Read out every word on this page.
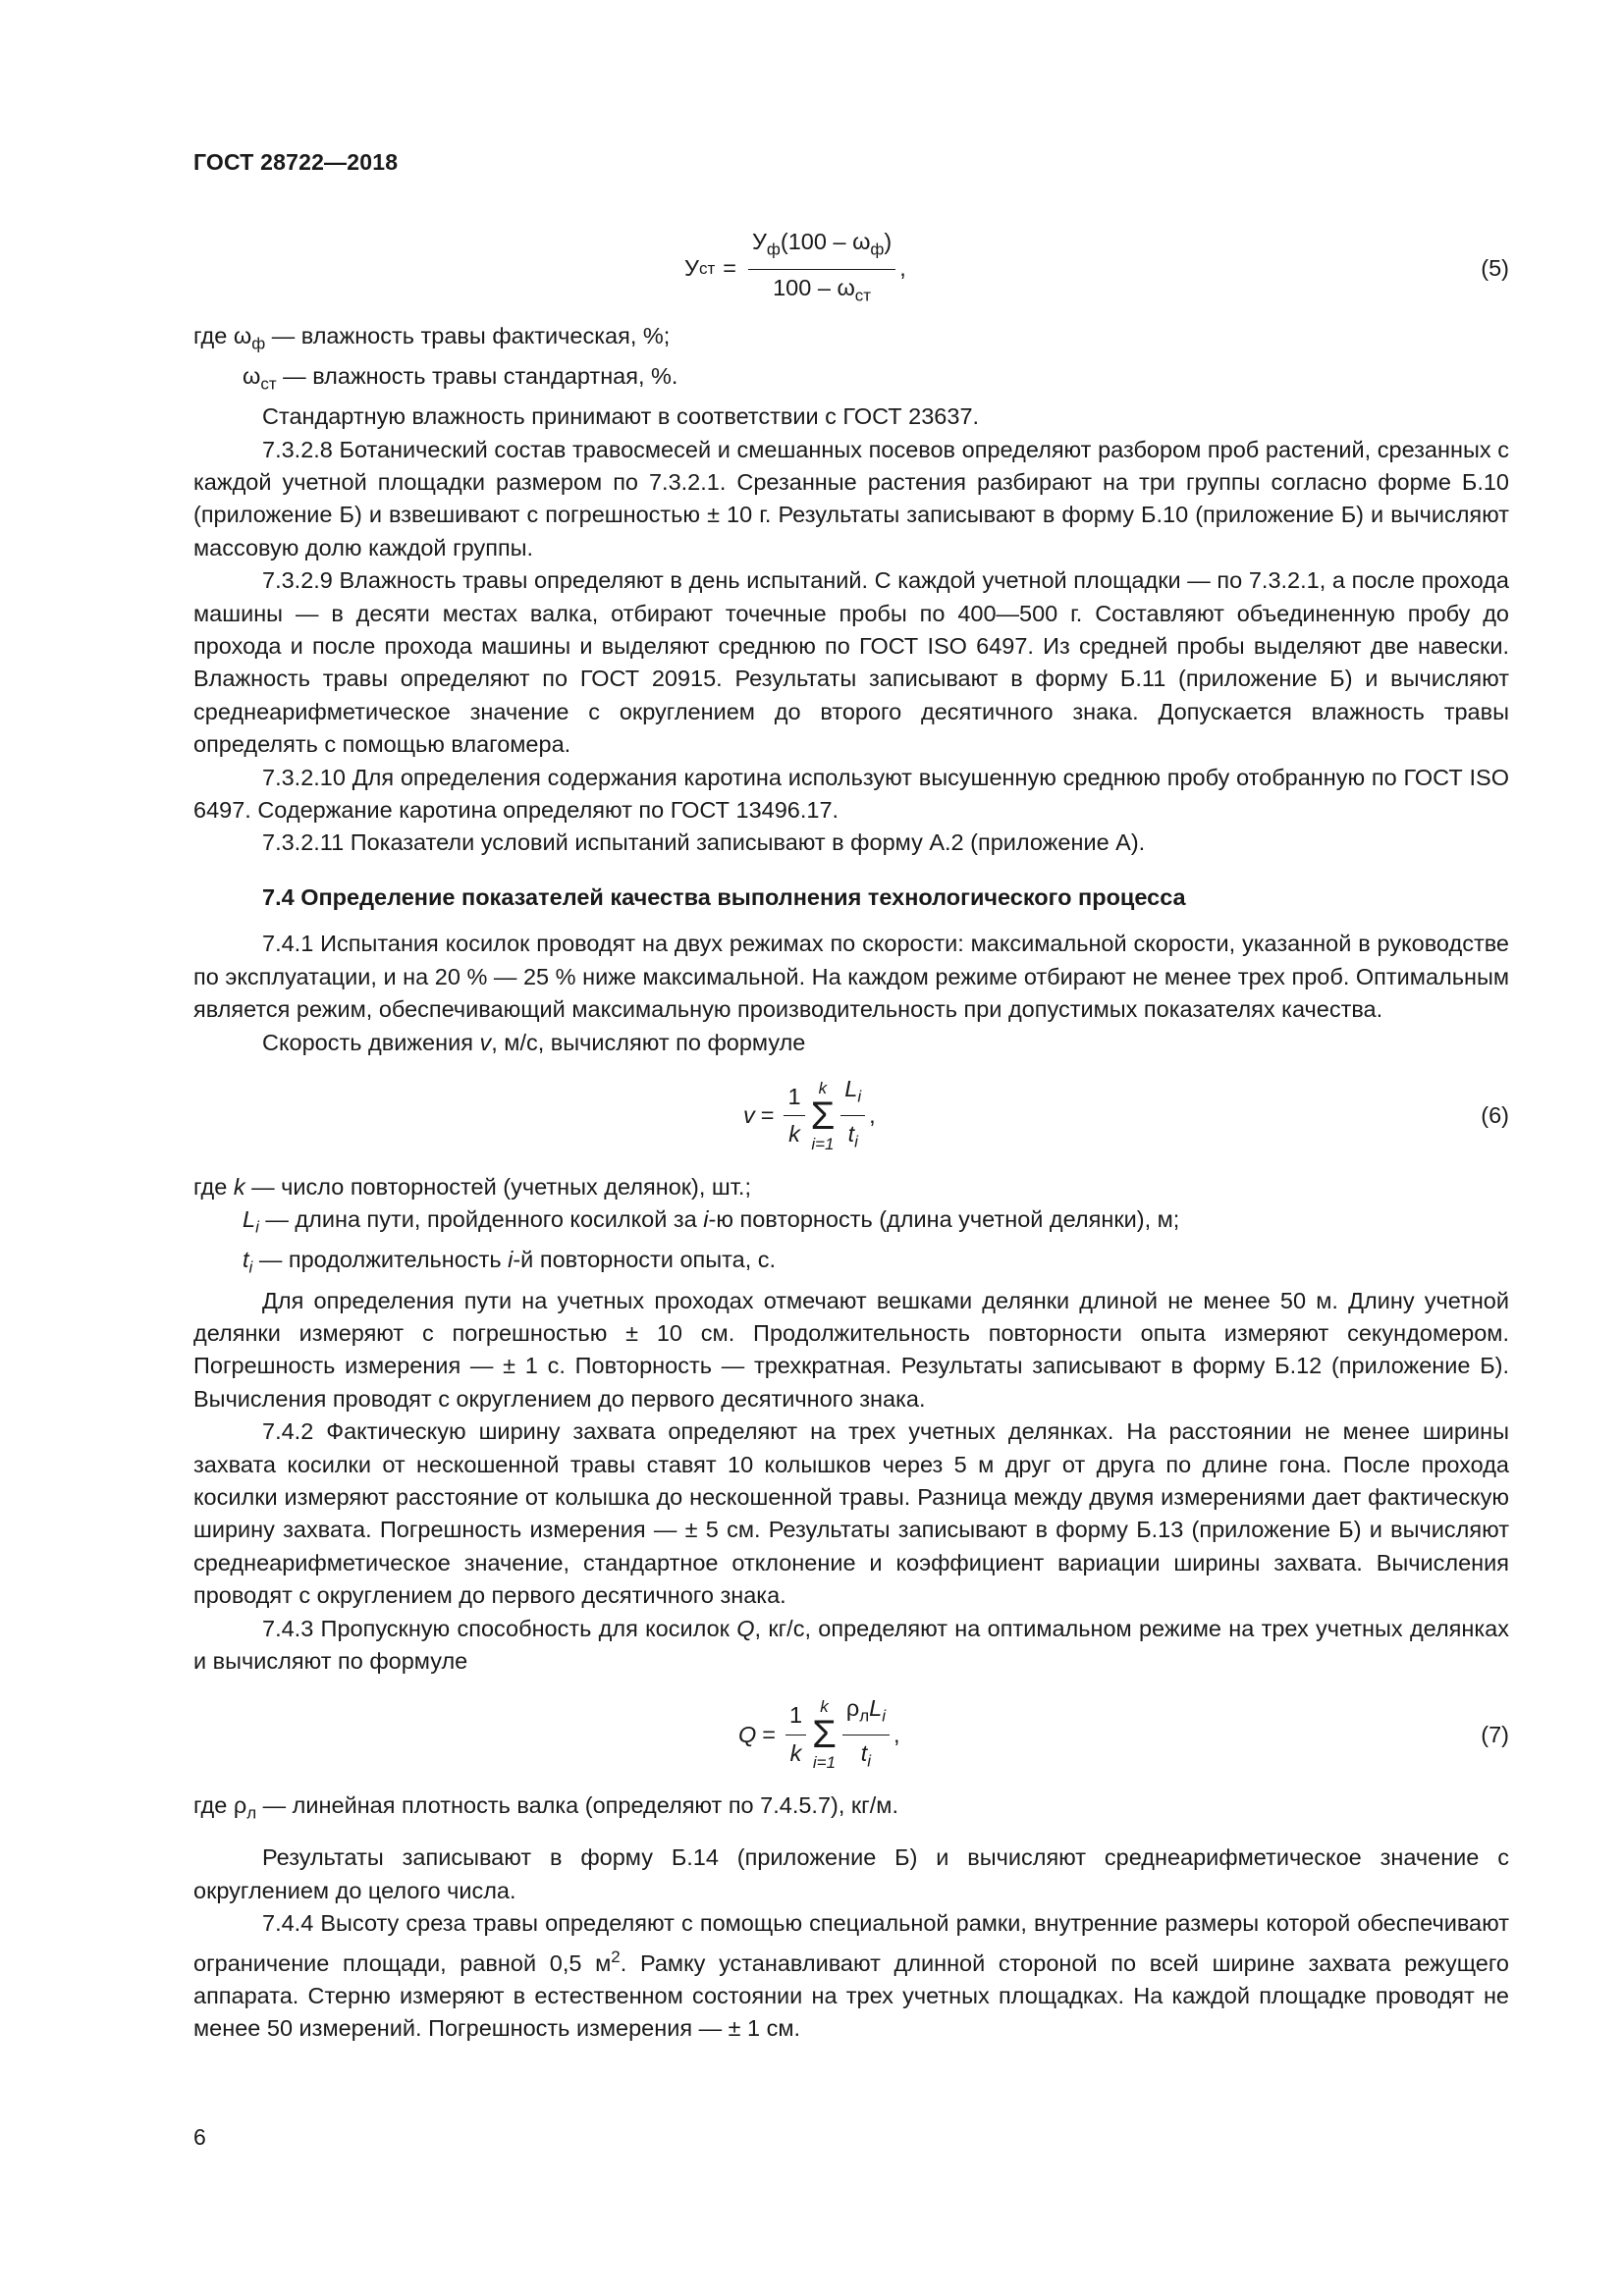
ГОСТ 28722—2018
У ст = $\frac{У_ф(100 - \omega_ф)}{100 - \omega_{ст}}$ ,	(5)

где $\omega_ф$ — влажность травы фактическая, %;

$\omega_{ст}$ — влажность травы стандартная, %.

Стандартную влажность принимают в соответствии с ГОСТ 23637.

7.3.2.8 Ботанический состав травосмесей и смешанных посевов определяют разбором проб растений, срезанных с каждой учетной площадки размером по 7.3.2.1. Срезанные растения разбирают на три группы согласно форме Б.10 (приложение Б) и взвешивают с погрешностью ± 10 г. Результаты записывают в форму Б.10 (приложение Б) и вычисляют массовую долю каждой группы.

7.3.2.9 Влажность травы определяют в день испытаний. С каждой учетной площадки — по 7.3.2.1, а после прохода машины — в десяти местах валка, отбирают точечные пробы по 400—500 г. Составляют объединенную пробу до прохода и после прохода машины и выделяют среднюю по ГОСТ ISO 6497. Из средней пробы выделяют две навески. Влажность травы определяют по ГОСТ 20915. Результаты записывают в форму Б.11 (приложение Б) и вычисляют среднеарифметическое значение с округлением до второго десятичного знака. Допускается влажность травы определять с помощью влагомера.

7.3.2.10 Для определения содержания каротина используют высушенную среднюю пробу отобранную по ГОСТ ISO 6497. Содержание каротина определяют по ГОСТ 13496.17.

7.3.2.11 Показатели условий испытаний записывают в форму А.2 (приложение А).

7.4 Определение показателей качества выполнения технологического процесса

7.4.1 Испытания косилок проводят на двух режимах по скорости: максимальной скорости, указанной в руководстве по эксплуатации, и на 20 % — 25 % ниже максимальной. На каждом режиме отбирают не менее трех проб. Оптимальным является режим, обеспечивающий максимальную производительность при допустимых показателях качества.

Скорость движения v, м/с, вычисляют по формуле

$v = \frac{1}{k}$ k
Σ
$i=1 \frac{L_i}{t_i}$ ,	(6)

где k — число повторностей (учетных делянок), шт.;

$L_i$ — длина пути, пройденного косилкой за i-ю повторность (длина учетной делянки), м;

$t_i$ — продолжительность i-й повторности опыта, с.

Для определения пути на учетных проходах отмечают вешками делянки длиной не менее 50 м. Длину учетной делянки измеряют с погрешностью ± 10 см. Продолжительность повторности опыта измеряют секундомером. Погрешность измерения — ± 1 с. Повторность — трехкратная. Результаты записывают в форму Б.12 (приложение Б). Вычисления проводят с округлением до первого десятичного знака.

7.4.2 Фактическую ширину захвата определяют на трех учетных делянках. На расстоянии не менее ширины захвата косилки от нескошенной травы ставят 10 колышков через 5 м друг от друга по длине гона. После прохода косилки измеряют расстояние от колышка до нескошенной травы. Разница между двумя измерениями дает фактическую ширину захвата. Погрешность измерения — ± 5 см. Результаты записывают в форму Б.13 (приложение Б) и вычисляют среднеарифметическое значение, стандартное отклонение и коэффициент вариации ширины захвата. Вычисления проводят с округлением до первого десятичного знака.

7.4.3 Пропускную способность для косилок Q, кг/с, определяют на оптимальном режиме на трех учетных делянках и вычисляют по формуле

$Q = \frac{1}{k}$ k
Σ
$i=1 \frac{\rho_лL_i}{t_i}$ ,	(7)

где $\rho_л$ — линейная плотность валка (определяют по 7.4.5.7), кг/м.

Результаты записывают в форму Б.14 (приложение Б) и вычисляют среднеарифметическое значение с округлением до целого числа.

7.4.4 Высоту среза травы определяют с помощью специальной рамки, внутренние размеры которой обеспечивают ограничение площади, равной 0,5 $м^2$. Рамку устанавливают длинной стороной по всей ширине захвата режущего аппарата. Стерню измеряют в естественном состоянии на трех учетных площадках. На каждой площадке проводят не менее 50 измерений. Погрешность измерения — ± 1 см.

6
